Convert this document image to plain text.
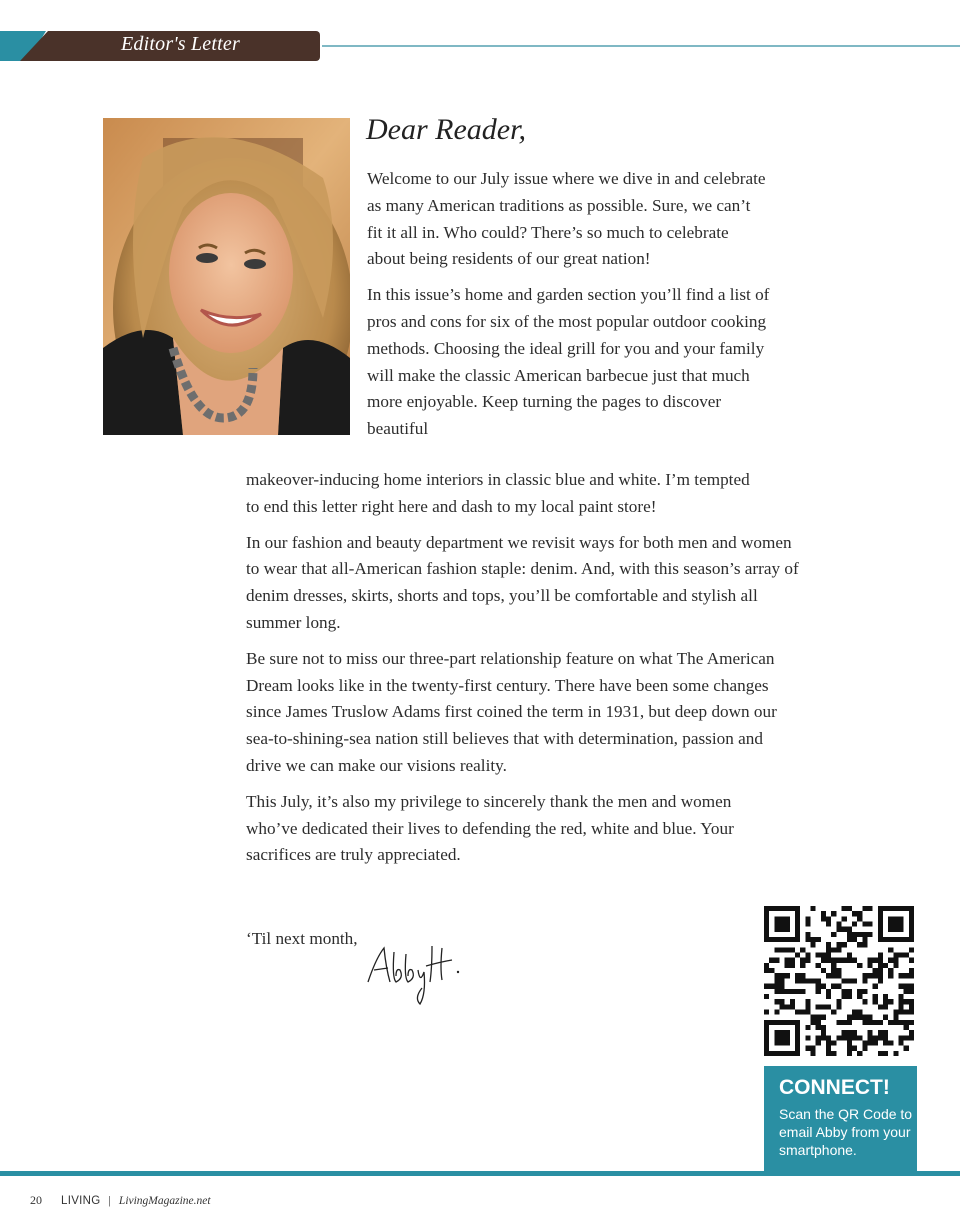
Editor's Letter
Dear Reader,

Welcome to our July issue where we dive in and celebrate as many American traditions as possible. Sure, we can’t fit it all in. Who could? There’s so much to celebrate about being residents of our great nation!

In this issue’s home and garden section you’ll find a list of pros and cons for six of the most popular outdoor cooking methods. Choosing the ideal grill for you and your family will make the classic American barbecue just that much more enjoyable. Keep turning the pages to discover beautiful

makeover-inducing home interiors in classic blue and white. I’m tempted to end this letter right here and dash to my local paint store!

In our fashion and beauty department we revisit ways for both men and women to wear that all-American fashion staple: denim. And, with this season’s array of denim dresses, skirts, shorts and tops, you’ll be comfortable and stylish all summer long.

Be sure not to miss our three-part relationship feature on what The American Dream looks like in the twenty-first century. There have been some changes since James Truslow Adams first coined the term in 1931, but deep down our sea-to-shining-sea nation still believes that with determination, passion and drive we can make our visions reality.

This July, it’s also my privilege to sincerely thank the men and women who’ve dedicated their lives to defending the red, white and blue. Your sacrifices are truly appreciated.

‘Til next month,
CONNECT!
Scan the QR Code to email Abby from your smartphone.
20 LIVING | LivingMagazine.net
